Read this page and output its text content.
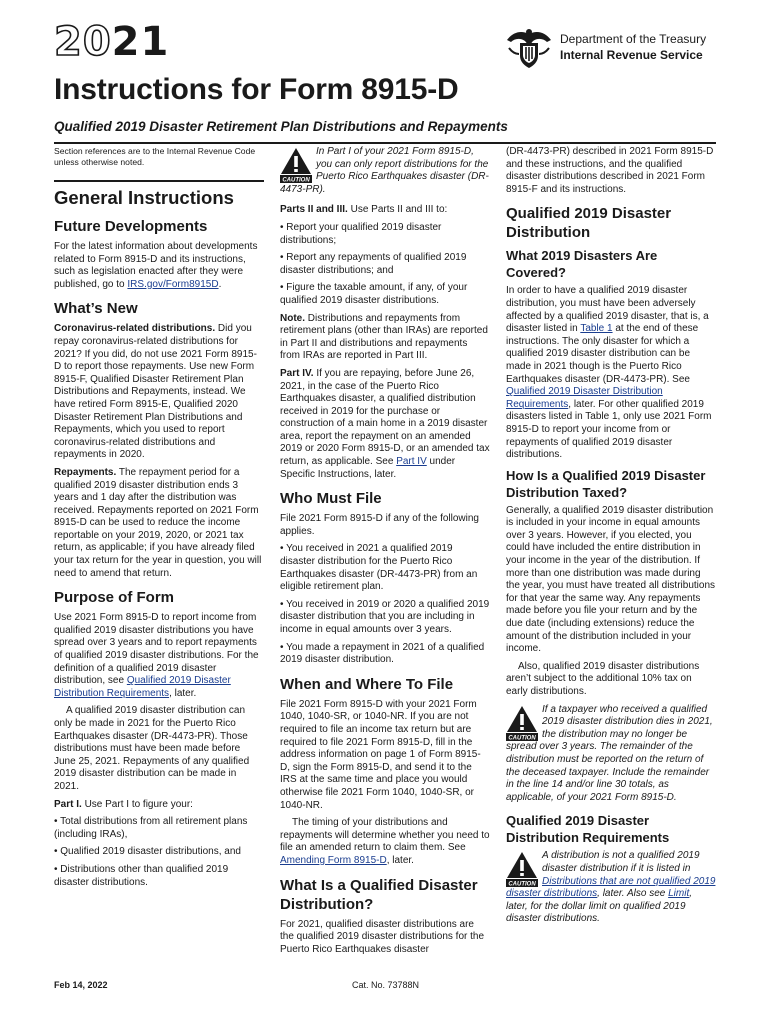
2021	Department of the Treasury
Internal Revenue Service
Instructions for Form 8915-D
Qualified 2019 Disaster Retirement Plan Distributions and Repayments

Section references are to the Internal Revenue Code unless otherwise noted.

General Instructions
Future Developments

For the latest information about developments related to Form 8915-D and its instructions, such as legislation enacted after they were published, go to IRS.gov/Form8915D.

What’s New

Coronavirus-related distributions. Did you repay coronavirus-related distributions for 2021? If you did, do not use 2021 Form 8915-D to report those repayments. Use new Form 8915-F, Qualified Disaster Retirement Plan Distributions and Repayments, instead. We have retired Form 8915-E, Qualified 2020 Disaster Retirement Plan Distributions and Repayments, which you used to report coronavirus-related distributions and repayments in 2020.

Repayments. The repayment period for a qualified 2019 disaster distribution ends 3 years and 1 day after the distribution was received. Repayments reported on 2021 Form 8915-D can be used to reduce the income reportable on your 2019, 2020, or 2021 tax return, as applicable; if you have already filed your tax return for the year in question, you will need to amend that return.

Purpose of Form

Use 2021 Form 8915-D to report income from qualified 2019 disaster distributions you have spread over 3 years and to report repayments of qualified 2019 disaster distributions. For the definition of a qualified 2019 disaster distribution, see Qualified 2019 Disaster Distribution Requirements, later.

A qualified 2019 disaster distribution can only be made in 2021 for the Puerto Rico Earthquakes disaster (DR-4473-PR). Those distributions must have been made before June 25, 2021. Repayments of any qualified 2019 disaster distribution can be made in 2021.

Part I. Use Part I to figure your:

• Total distributions from all retirement plans (including IRAs),

• Qualified 2019 disaster distributions, and

• Distributions other than qualified 2019 disaster distributions.

CAUTION
In Part I of your 2021 Form 8915-D, you can only report distributions for the Puerto Rico Earthquakes disaster (DR-4473-PR).

Parts II and III. Use Parts II and III to:

• Report your qualified 2019 disaster distributions;

• Report any repayments of qualified 2019 disaster distributions; and

• Figure the taxable amount, if any, of your qualified 2019 disaster distributions.

Note. Distributions and repayments from retirement plans (other than IRAs) are reported in Part II and distributions and repayments from IRAs are reported in Part III.

Part IV. If you are repaying, before June 26, 2021, in the case of the Puerto Rico Earthquakes disaster, a qualified distribution received in 2019 for the purchase or construction of a main home in a 2019 disaster area, report the repayment on an amended 2019 or 2020 Form 8915-D, or an amended tax return, as applicable. See Part IV under Specific Instructions, later.

Who Must File

File 2021 Form 8915-D if any of the following applies.

• You received in 2021 a qualified 2019 disaster distribution for the Puerto Rico Earthquakes disaster (DR-4473-PR) from an eligible retirement plan.

• You received in 2019 or 2020 a qualified 2019 disaster distribution that you are including in income in equal amounts over 3 years.

• You made a repayment in 2021 of a qualified 2019 disaster distribution.

When and Where To File

File 2021 Form 8915-D with your 2021 Form 1040, 1040-SR, or 1040-NR. If you are not required to file an income tax return but are required to file 2021 Form 8915-D, fill in the address information on page 1 of Form 8915-D, sign the Form 8915-D, and send it to the IRS at the same time and place you would otherwise file 2021 Form 1040, 1040-SR, or 1040-NR.

The timing of your distributions and repayments will determine whether you need to file an amended return to claim them. See Amending Form 8915-D, later.

What Is a Qualified Disaster Distribution?

For 2021, qualified disaster distributions are the qualified 2019 disaster distributions for the Puerto Rico Earthquakes disaster

(DR-4473-PR) described in 2021 Form 8915-D and these instructions, and the qualified disaster distributions described in 2021 Form 8915-F and its instructions.

Qualified 2019 Disaster Distribution
What 2019 Disasters Are Covered?

In order to have a qualified 2019 disaster distribution, you must have been adversely affected by a qualified 2019 disaster, that is, a disaster listed in Table 1 at the end of these instructions. The only disaster for which a qualified 2019 disaster distribution can be made in 2021 though is the Puerto Rico Earthquakes disaster (DR-4473-PR). See Qualified 2019 Disaster Distribution Requirements, later. For other qualified 2019 disasters listed in Table 1, only use 2021 Form 8915-D to report your income from or repayments of qualified 2019 disaster distributions.

How Is a Qualified 2019 Disaster Distribution Taxed?

Generally, a qualified 2019 disaster distribution is included in your income in equal amounts over 3 years. However, if you elected, you could have included the entire distribution in your income in the year of the distribution. If more than one distribution was made during the year, you must have treated all distributions for that year the same way. Any repayments made before you file your return and by the due date (including extensions) reduce the amount of the distribution included in your income.

Also, qualified 2019 disaster distributions aren’t subject to the additional 10% tax on early distributions.

CAUTION
If a taxpayer who received a qualified 2019 disaster distribution dies in 2021, the distribution may no longer be spread over 3 years. The remainder of the distribution must be reported on the return of the deceased taxpayer. Include the remainder in the line 14 and/or line 30 totals, as applicable, of your 2021 Form 8915-D.
Qualified 2019 Disaster Distribution Requirements
CAUTION
A distribution is not a qualified 2019 disaster distribution if it is listed in Distributions that are not qualified 2019 disaster distributions, later. Also see Limit, later, for the dollar limit on qualified 2019 disaster distributions.
Feb 14, 2022	Cat. No. 73788N
